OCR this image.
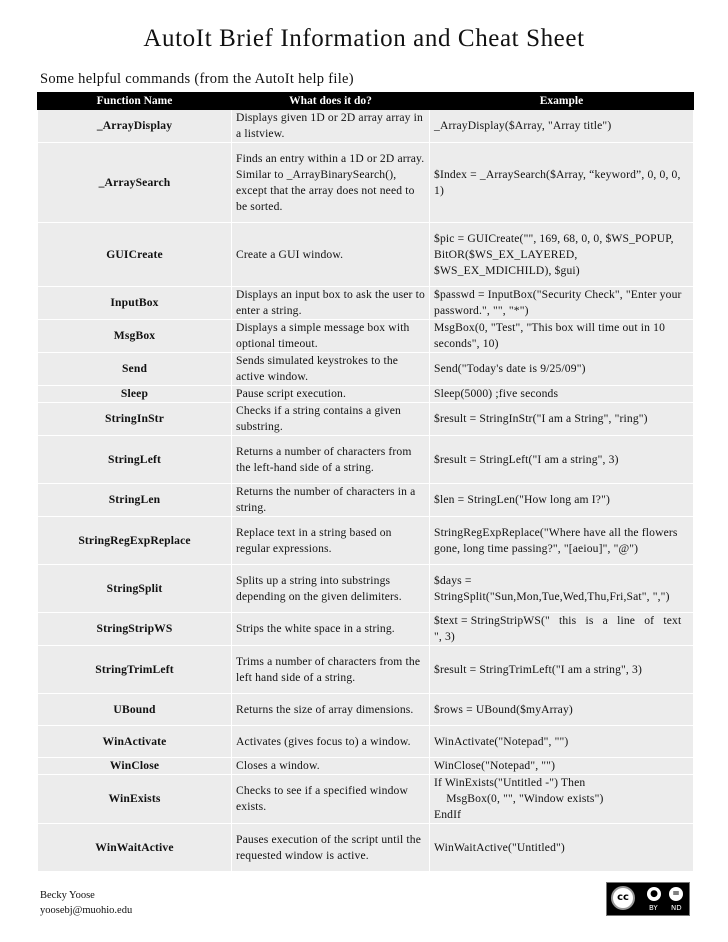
AutoIt Brief Information and Cheat Sheet
Some helpful commands (from the AutoIt help file)
Function Name	What does it do?	Example
_ArrayDisplay	Displays given 1D or 2D array array in a listview.	_ArrayDisplay($Array, "Array title")
_ArraySearch	Finds an entry within a 1D or 2D array. Similar to _ArrayBinarySearch(), except that the array does not need to be sorted.	$Index = _ArraySearch($Array, “keyword”, 0, 0, 0, 1)
GUICreate	Create a GUI window.	$pic = GUICreate("", 169, 68, 0, 0, $WS_POPUP, BitOR($WS_EX_LAYERED, $WS_EX_MDICHILD), $gui)
InputBox	Displays an input box to ask the user to enter a string.	$passwd = InputBox("Security Check", "Enter your password.", "", "*")
MsgBox	Displays a simple message box with optional timeout.	MsgBox(0, "Test", "This box will time out in 10 seconds", 10)
Send	Sends simulated keystrokes to the active window.	Send("Today's date is 9/25/09")
Sleep	Pause script execution.	Sleep(5000) ;five seconds
StringInStr	Checks if a string contains a given substring.	$result = StringInStr("I am a String", "ring")
StringLeft	Returns a number of characters from the left-hand side of a string.	$result = StringLeft("I am a string", 3)
StringLen	Returns the number of characters in a string.	$len = StringLen("How long am I?")
StringRegExpReplace	Replace text in a string based on regular expressions.	StringRegExpReplace("Where have all the flowers gone, long time passing?", "[aeiou]", "@")
StringSplit	Splits up a string into substrings depending on the given delimiters.	$days = StringSplit("Sun,Mon,Tue,Wed,Thu,Fri,Sat", ",")
StringStripWS	Strips the white space in a string.	$text = StringStripWS("   this   is   a   line   of   text   ", 3)
StringTrimLeft	Trims a number of characters from the left hand side of a string.	$result = StringTrimLeft("I am a string", 3)
UBound	Returns the size of array dimensions.	$rows = UBound($myArray)
WinActivate	Activates (gives focus to) a window.	WinActivate("Notepad", "")
WinClose	Closes a window.	WinClose("Notepad", "")
WinExists	Checks to see if a specified window exists.	If WinExists("Untitled -") Then
MsgBox(0, "", "Window exists")
EndIf
WinWaitActive	Pauses execution of the script until the requested window is active.	WinWaitActive("Untitled")
Becky Yoose
yoosebj@muohio.edu
cc	●	=
BY ND
